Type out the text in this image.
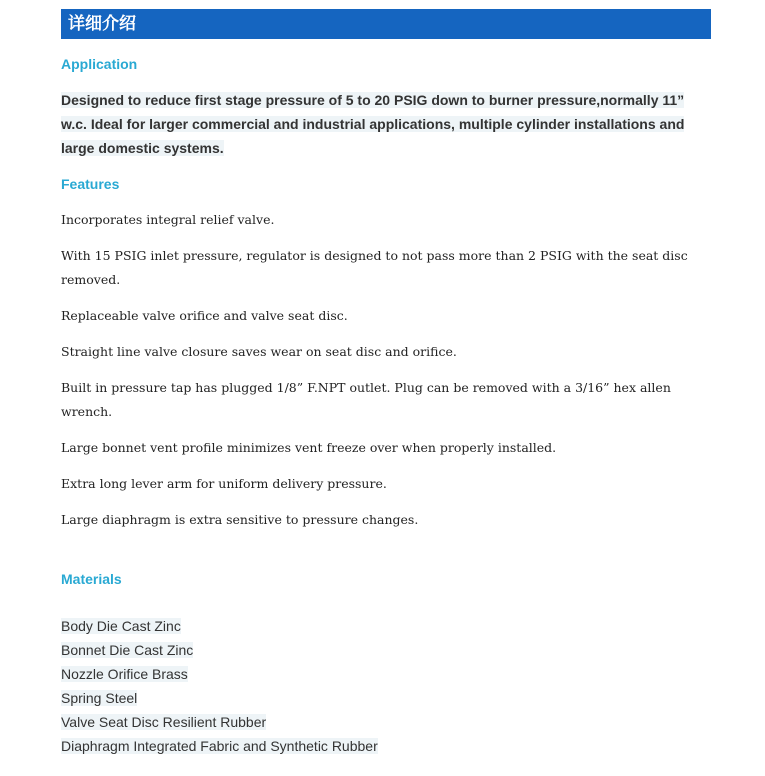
详细介绍
Application
Designed to reduce first stage pressure of 5 to 20 PSIG down to burner pressure,normally 11” w.c. Ideal for larger commercial and industrial applications, multiple cylinder installations and large domestic systems.
Features
Incorporates integral relief valve.
With 15 PSIG inlet pressure, regulator is designed to not pass more than 2 PSIG with the seat disc removed.
Replaceable valve orifice and valve seat disc.
Straight line valve closure saves wear on seat disc and orifice.
Built in pressure tap has plugged 1/8” F.NPT outlet. Plug can be removed with a 3/16” hex allen wrench.
Large bonnet vent profile minimizes vent freeze over when properly installed.
Extra long lever arm for uniform delivery pressure.
Large diaphragm is extra sensitive to pressure changes.
Materials
Body Die Cast Zinc
Bonnet Die Cast Zinc
Nozzle Orifice Brass
Spring Steel
Valve Seat Disc Resilient Rubber
Diaphragm Integrated Fabric and Synthetic Rubber
